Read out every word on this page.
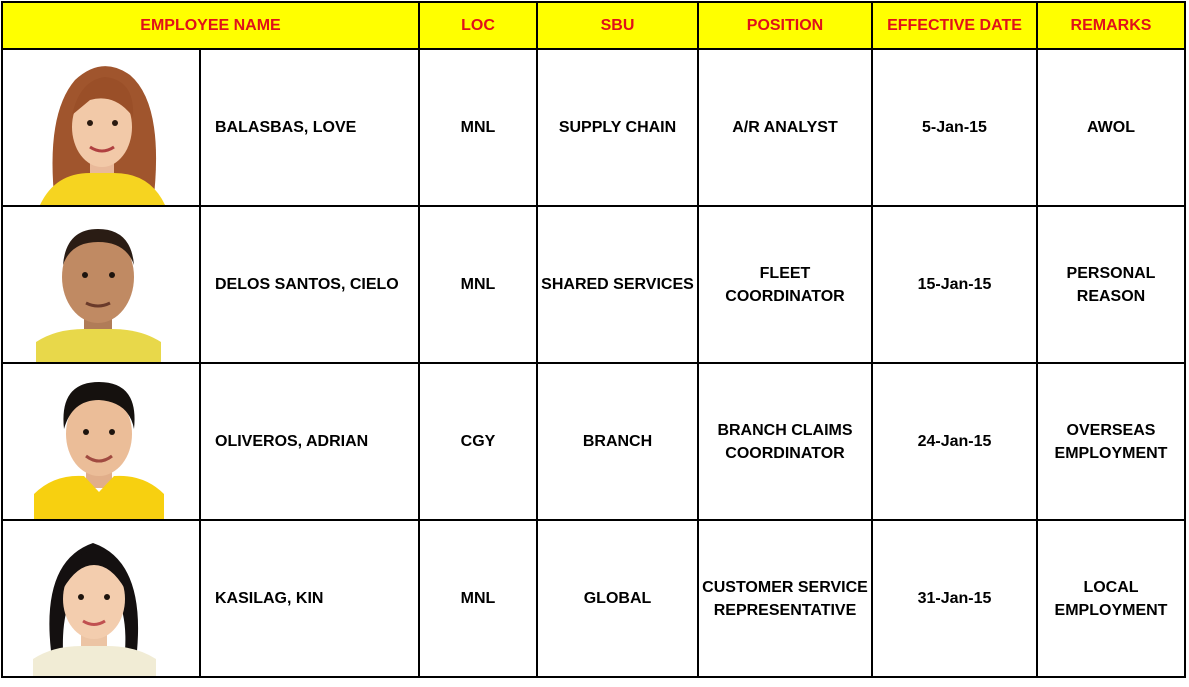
EMPLOYEE NAME		LOC	SBU	POSITION	EFFECTIVE DATE	REMARKS

	BALASBAS, LOVE	MNL	SUPPLY CHAIN	A/R ANALYST	5-Jan-15	AWOL

	DELOS SANTOS, CIELO	MNL	SHARED SERVICES	FLEET
COORDINATOR	15-Jan-15	PERSONAL
REASON

	OLIVEROS, ADRIAN	CGY	BRANCH	BRANCH CLAIMS
COORDINATOR	24-Jan-15	OVERSEAS
EMPLOYMENT

	KASILAG, KIN	MNL	GLOBAL	CUSTOMER SERVICE
REPRESENTATIVE	31-Jan-15	LOCAL
EMPLOYMENT
